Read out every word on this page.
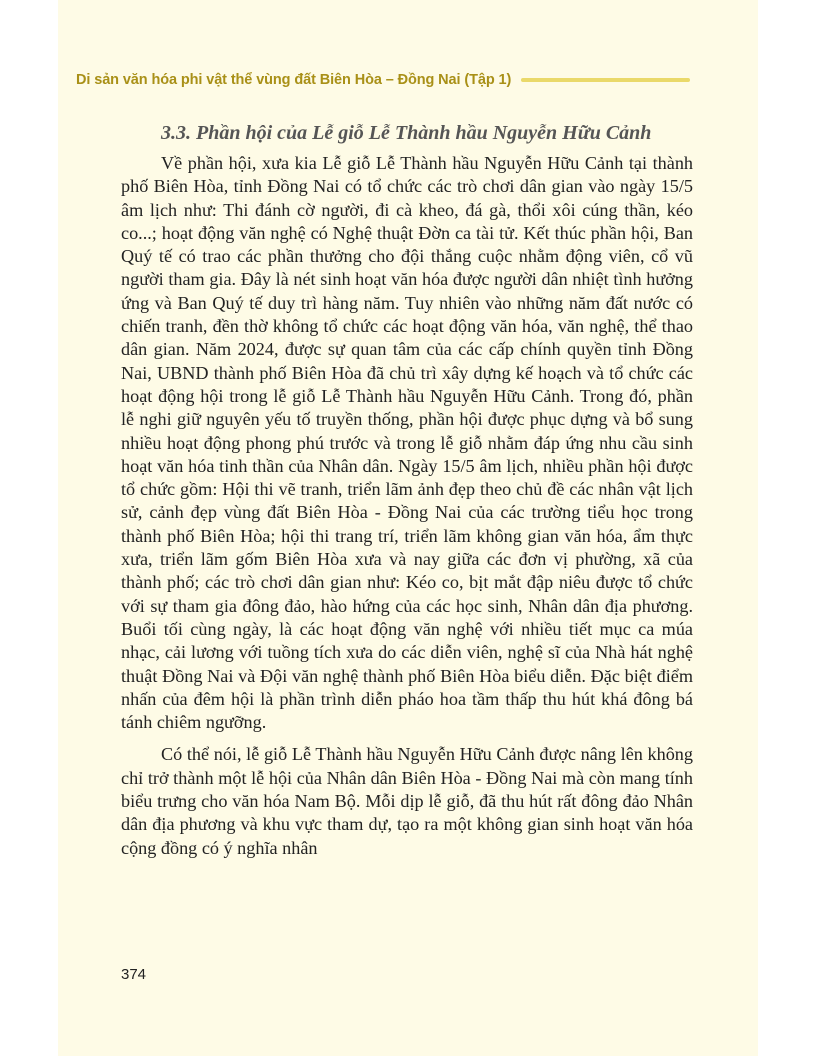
Di sản văn hóa phi vật thể vùng đất Biên Hòa – Đồng Nai (Tập 1)
3.3. Phần hội của Lễ giỗ Lễ Thành hầu Nguyễn Hữu Cảnh

Về phần hội, xưa kia Lễ giỗ Lễ Thành hầu Nguyễn Hữu Cảnh tại thành phố Biên Hòa, tỉnh Đồng Nai có tổ chức các trò chơi dân gian vào ngày 15/5 âm lịch như: Thi đánh cờ người, đi cà kheo, đá gà, thổi xôi cúng thần, kéo co...; hoạt động văn nghệ có Nghệ thuật Đờn ca tài tử. Kết thúc phần hội, Ban Quý tế có trao các phần thưởng cho đội thắng cuộc nhằm động viên, cổ vũ người tham gia. Đây là nét sinh hoạt văn hóa được người dân nhiệt tình hưởng ứng và Ban Quý tế duy trì hàng năm. Tuy nhiên vào những năm đất nước có chiến tranh, đền thờ không tổ chức các hoạt động văn hóa, văn nghệ, thể thao dân gian. Năm 2024, được sự quan tâm của các cấp chính quyền tỉnh Đồng Nai, UBND thành phố Biên Hòa đã chủ trì xây dựng kế hoạch và tổ chức các hoạt động hội trong lễ giỗ Lễ Thành hầu Nguyễn Hữu Cảnh. Trong đó, phần lễ nghi giữ nguyên yếu tố truyền thống, phần hội được phục dựng và bổ sung nhiều hoạt động phong phú trước và trong lễ giỗ nhằm đáp ứng nhu cầu sinh hoạt văn hóa tinh thần của Nhân dân. Ngày 15/5 âm lịch, nhiều phần hội được tổ chức gồm: Hội thi vẽ tranh, triển lãm ảnh đẹp theo chủ đề các nhân vật lịch sử, cảnh đẹp vùng đất Biên Hòa - Đồng Nai của các trường tiểu học trong thành phố Biên Hòa; hội thi trang trí, triển lãm không gian văn hóa, ẩm thực xưa, triển lãm gốm Biên Hòa xưa và nay giữa các đơn vị phường, xã của thành phố; các trò chơi dân gian như: Kéo co, bịt mắt đập niêu được tổ chức với sự tham gia đông đảo, hào hứng của các học sinh, Nhân dân địa phương. Buổi tối cùng ngày, là các hoạt động văn nghệ với nhiều tiết mục ca múa nhạc, cải lương với tuồng tích xưa do các diễn viên, nghệ sĩ của Nhà hát nghệ thuật Đồng Nai và Đội văn nghệ thành phố Biên Hòa biểu diễn. Đặc biệt điểm nhấn của đêm hội là phần trình diễn pháo hoa tầm thấp thu hút khá đông bá tánh chiêm ngưỡng.

Có thể nói, lễ giỗ Lễ Thành hầu Nguyễn Hữu Cảnh được nâng lên không chỉ trở thành một lễ hội của Nhân dân Biên Hòa - Đồng Nai mà còn mang tính biểu trưng cho văn hóa Nam Bộ. Mỗi dịp lễ giỗ, đã thu hút rất đông đảo Nhân dân địa phương và khu vực tham dự, tạo ra một không gian sinh hoạt văn hóa cộng đồng có ý nghĩa nhân

374
